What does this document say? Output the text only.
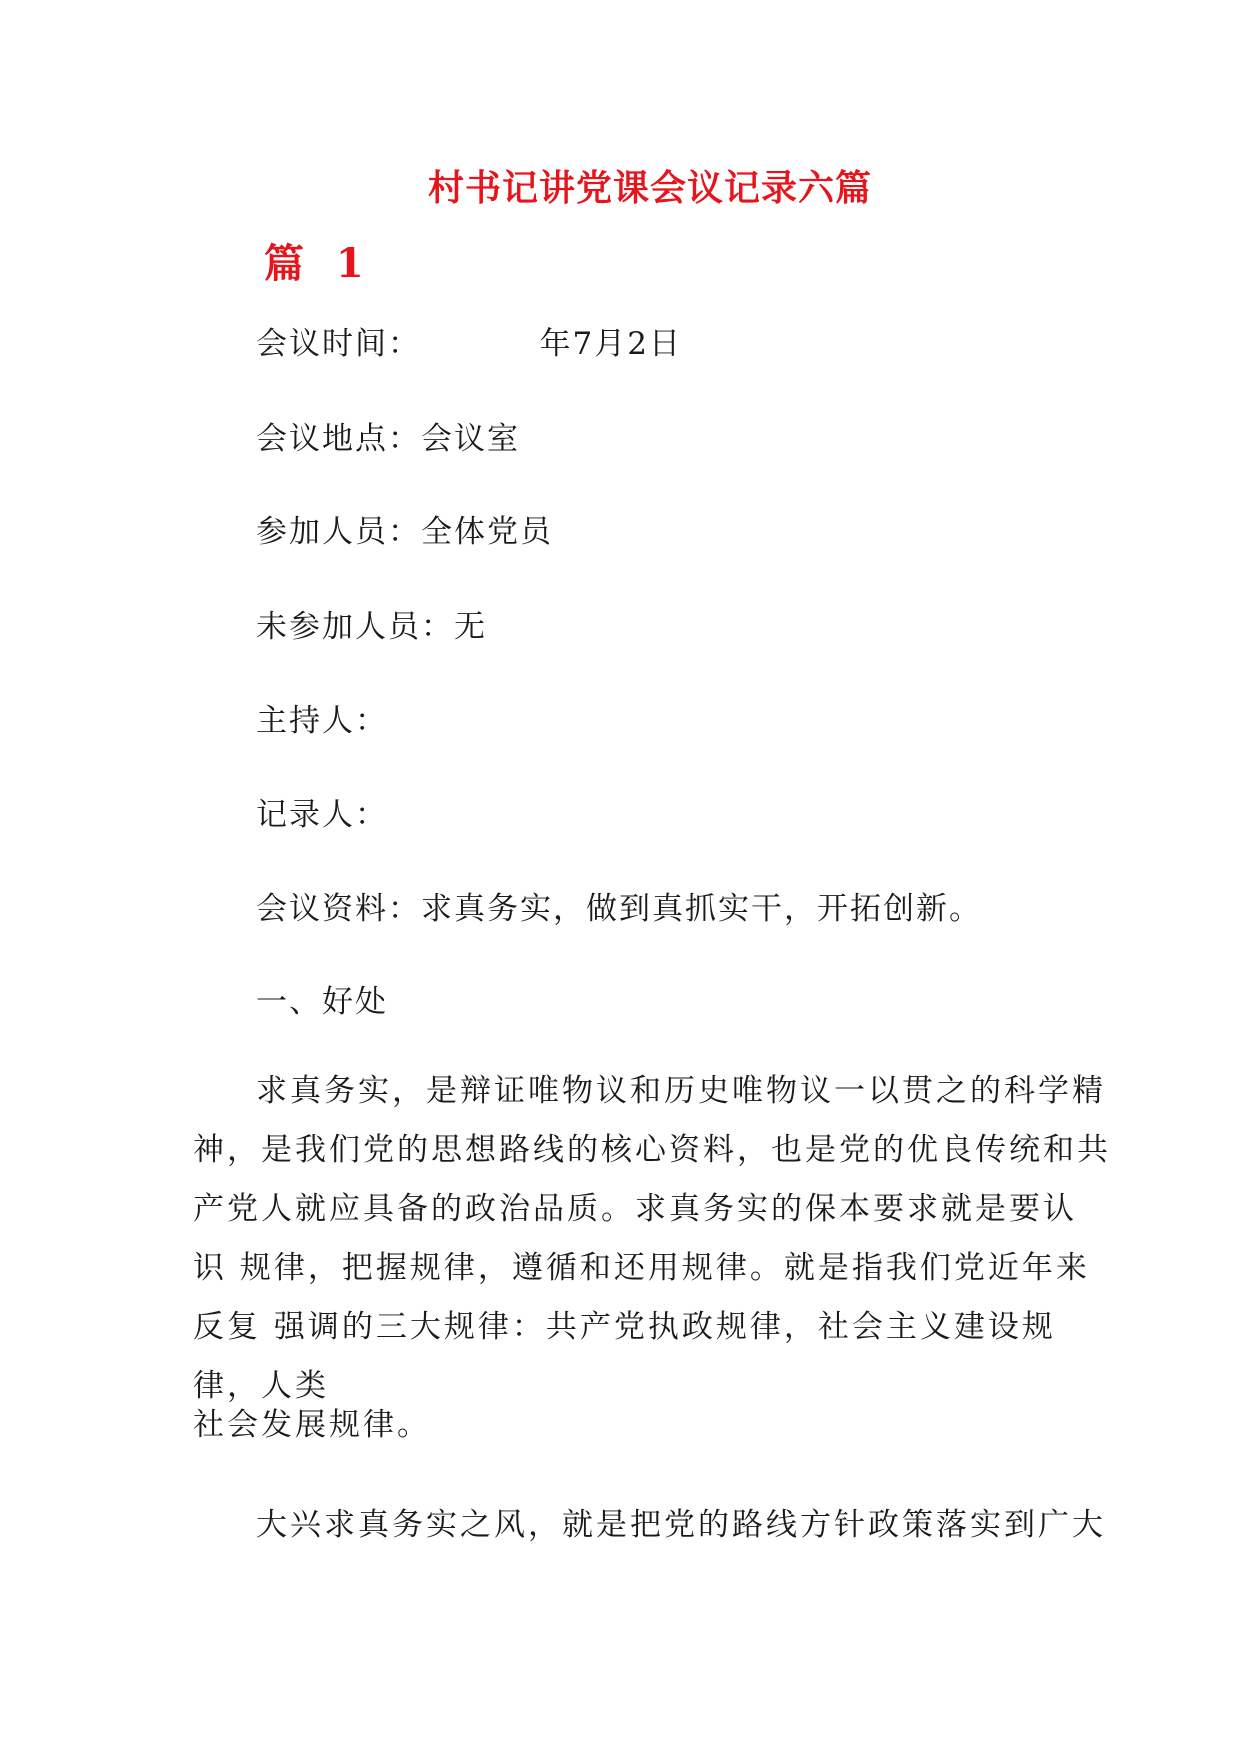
村书记讲党课会议记录六篇
篇 1
会议时间：          年7月2日
会议地点：会议室
参加人员：全体党员
未参加人员：无
主持人：
记录人：
会议资料：求真务实，做到真抓实干，开拓创新。
一、好处
求真务实，是辩证唯物议和历史唯物议一以贯之的科学精
神，是我们党的思想路线的核心资料，也是党的优良传统和共
产党人就应具备的政治品质。求真务实的保本要求就是要认
识 规律，把握规律，遵循和还用规律。就是指我们党近年来
反复 强调的三大规律：共产党执政规律，社会主义建设规
律，人类
社会发展规律。
大兴求真务实之风，就是把党的路线方针政策落实到广大
